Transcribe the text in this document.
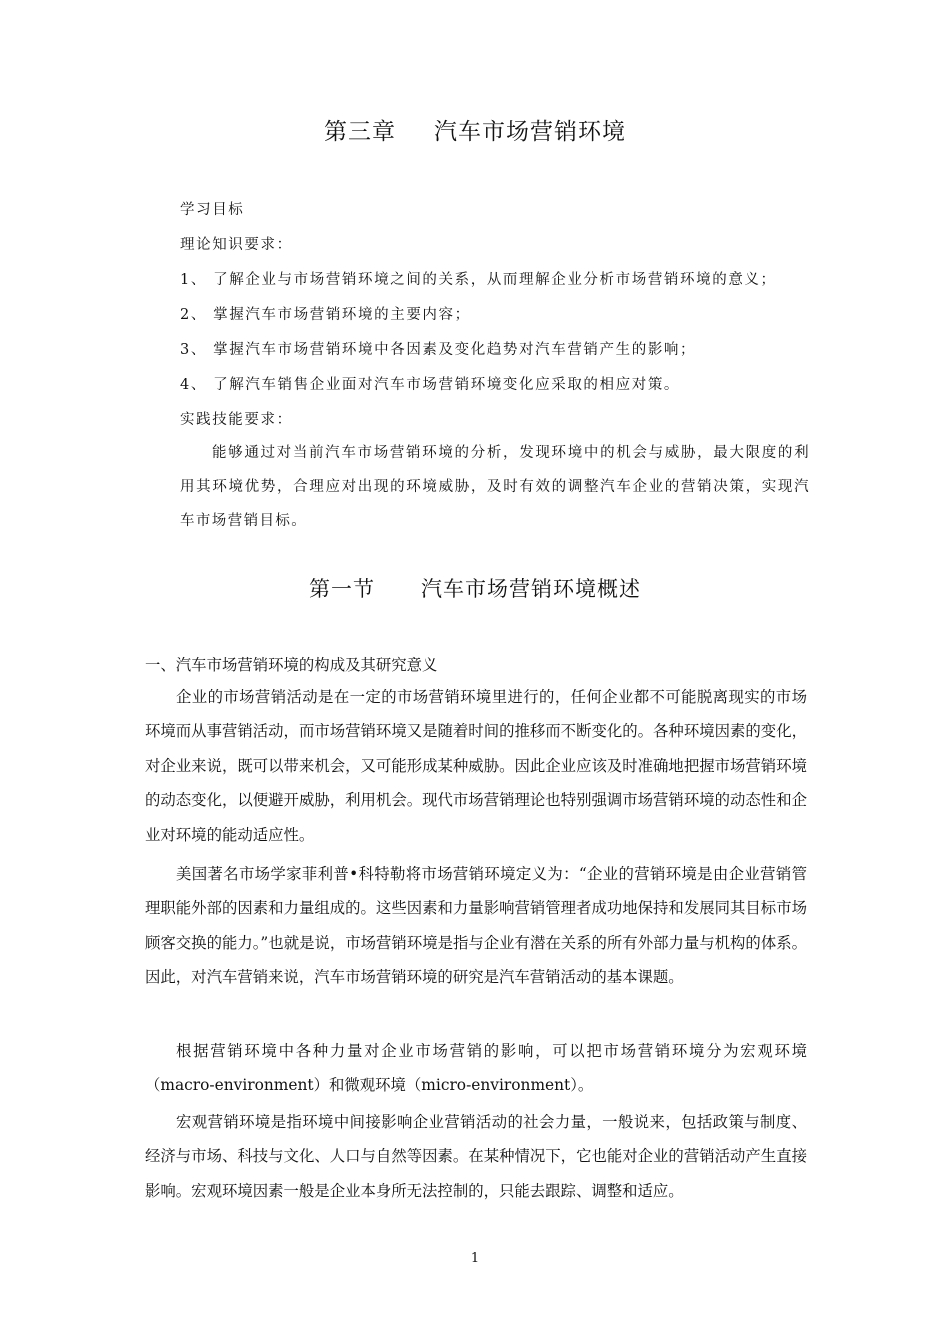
第三章 汽车市场营销环境
学习目标
理论知识要求：
1、 了解企业与市场营销环境之间的关系，从而理解企业分析市场营销环境的意义；
2、 掌握汽车市场营销环境的主要内容；
3、 掌握汽车市场营销环境中各因素及变化趋势对汽车营销产生的影响；
4、 了解汽车销售企业面对汽车市场营销环境变化应采取的相应对策。
实践技能要求：
能够通过对当前汽车市场营销环境的分析，发现环境中的机会与威胁，最大限度的利用其环境优势，合理应对出现的环境威胁，及时有效的调整汽车企业的营销决策，实现汽车市场营销目标。
第一节 汽车市场营销环境概述
一、汽车市场营销环境的构成及其研究意义
企业的市场营销活动是在一定的市场营销环境里进行的，任何企业都不可能脱离现实的市场环境而从事营销活动，而市场营销环境又是随着时间的推移而不断变化的。各种环境因素的变化，对企业来说，既可以带来机会，又可能形成某种威胁。因此企业应该及时准确地把握市场营销环境的动态变化，以便避开威胁，利用机会。现代市场营销理论也特别强调市场营销环境的动态性和企业对环境的能动适应性。
美国著名市场学家菲利普•科特勒将市场营销环境定义为：“企业的营销环境是由企业营销管理职能外部的因素和力量组成的。这些因素和力量影响营销管理者成功地保持和发展同其目标市场顾客交换的能力。”也就是说，市场营销环境是指与企业有潜在关系的所有外部力量与机构的体系。因此，对汽车营销来说，汽车市场营销环境的研究是汽车营销活动的基本课题。
根据营销环境中各种力量对企业市场营销的影响，可以把市场营销环境分为宏观环境（macro-environment）和微观环境（micro-environment）。
宏观营销环境是指环境中间接影响企业营销活动的社会力量，一般说来，包括政策与制度、经济与市场、科技与文化、人口与自然等因素。在某种情况下，它也能对企业的营销活动产生直接影响。宏观环境因素一般是企业本身所无法控制的，只能去跟踪、调整和适应。
1
